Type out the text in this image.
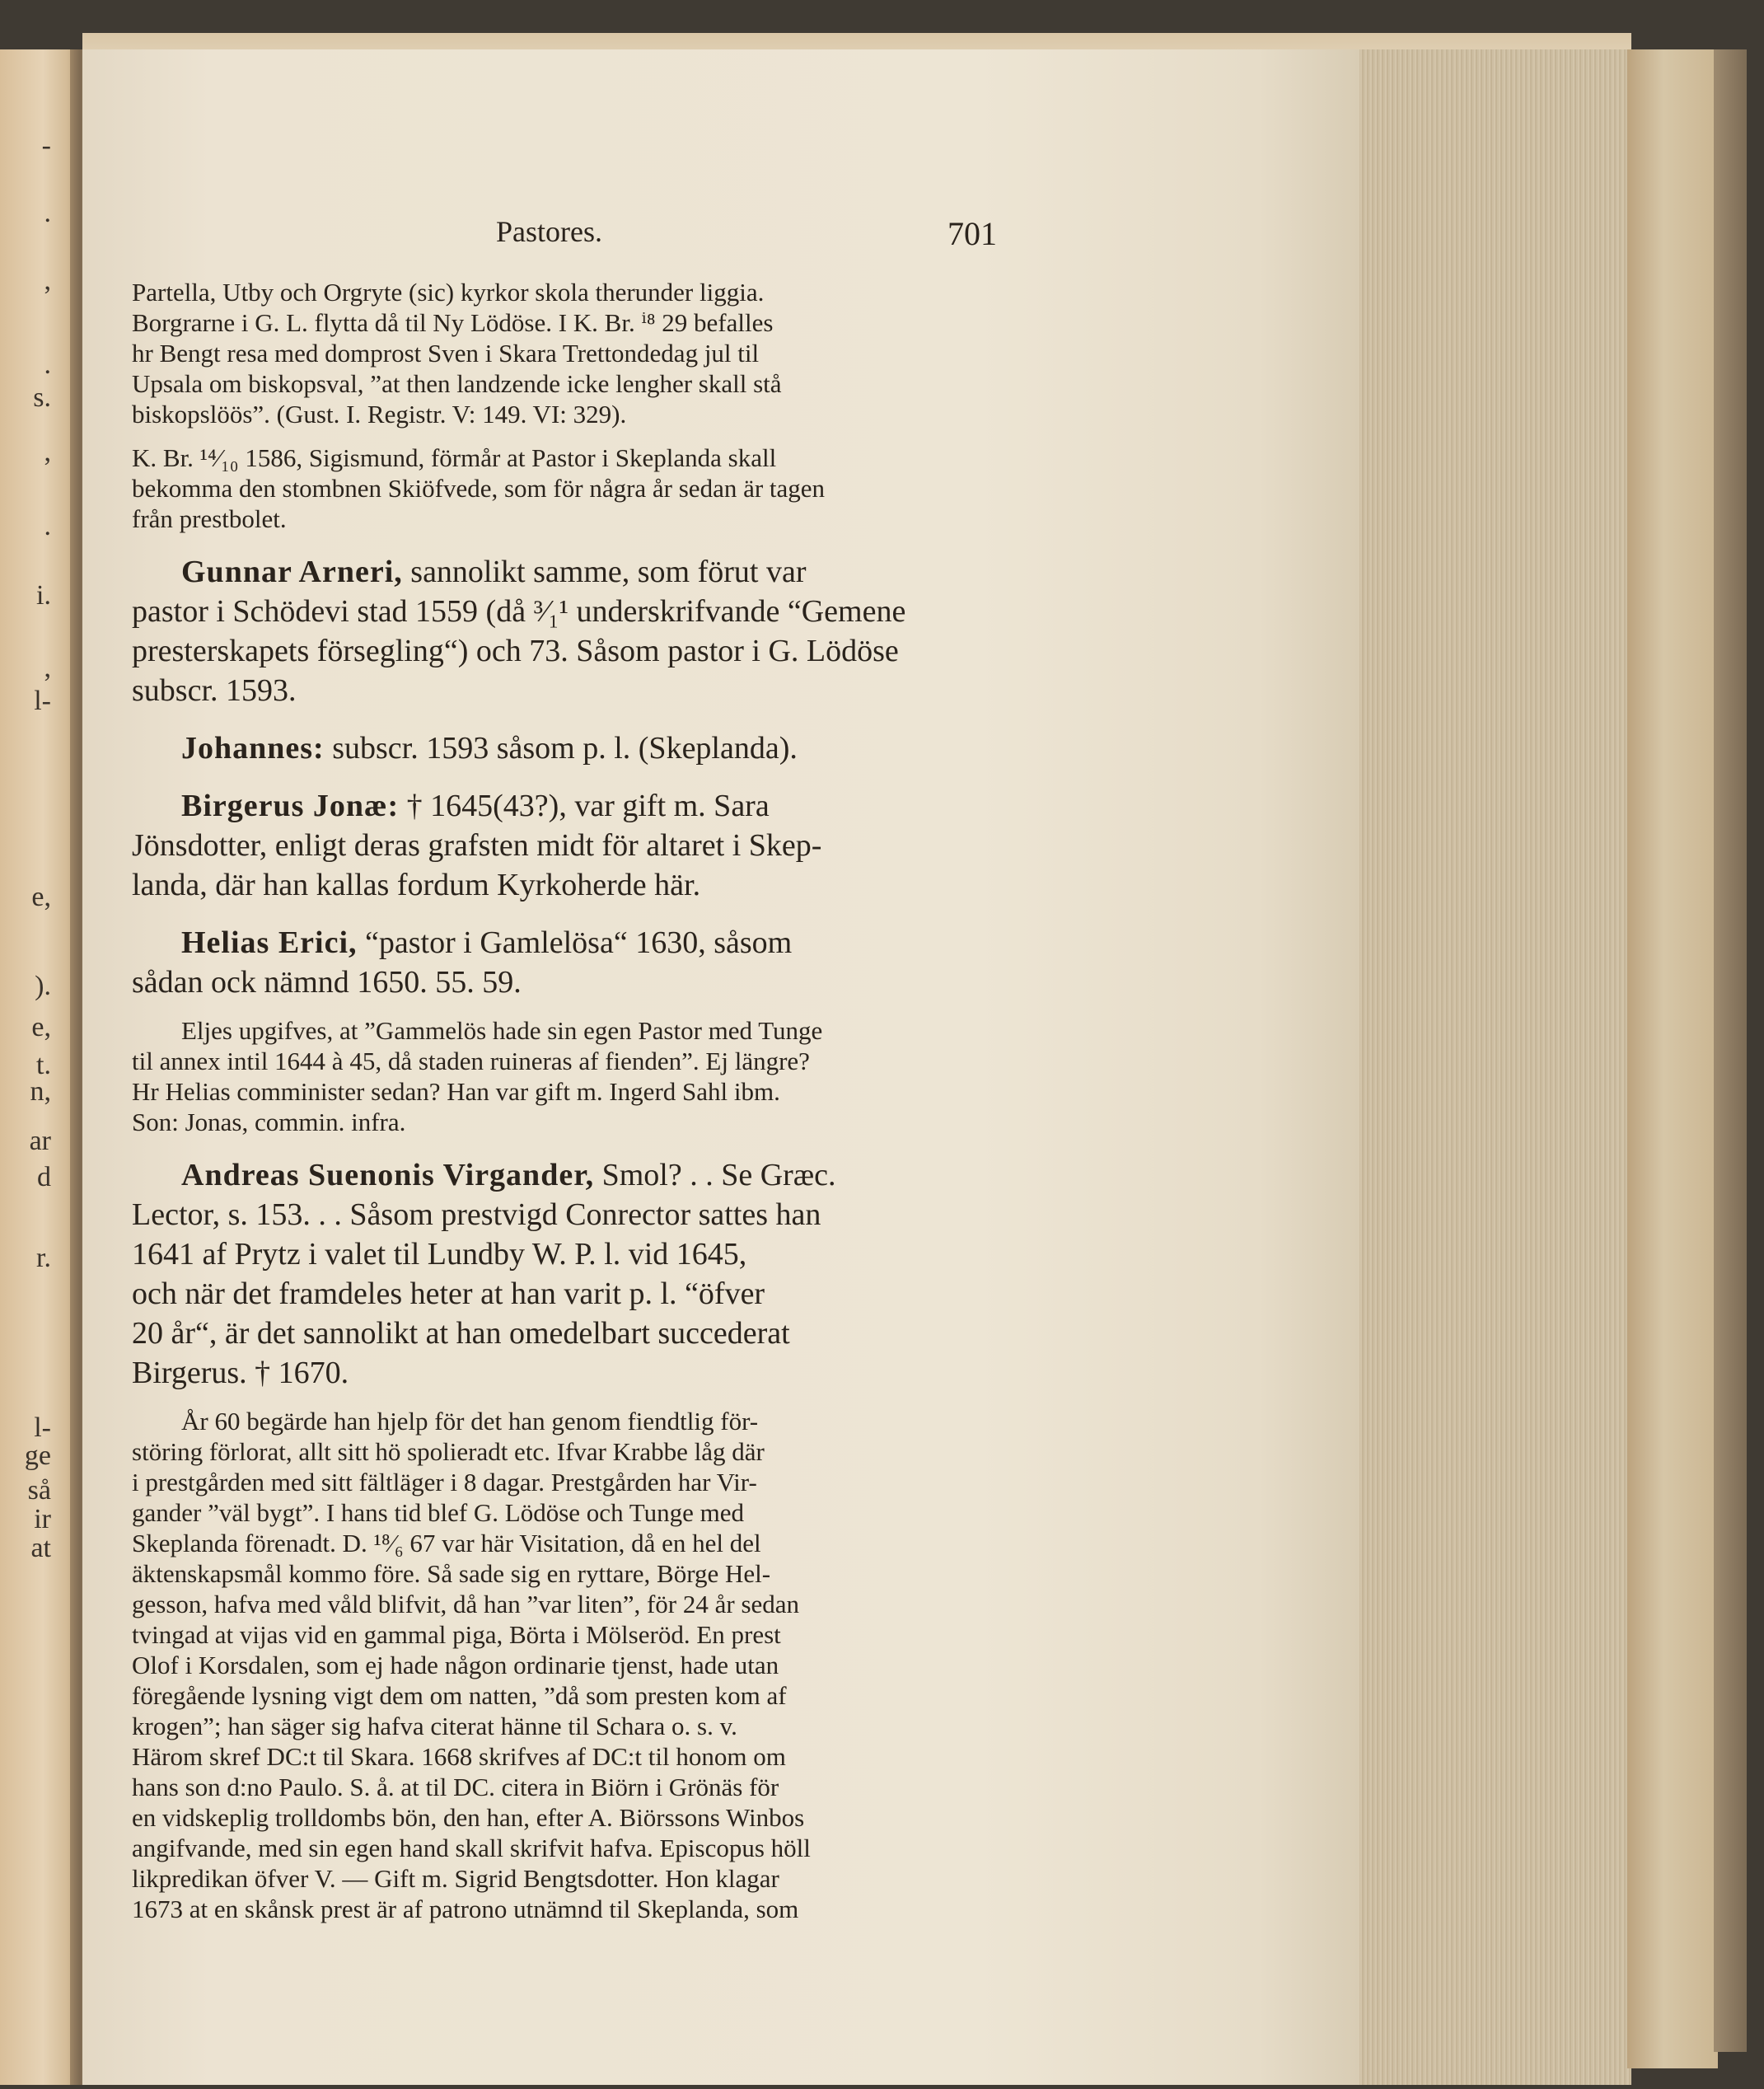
-
.
,
.
s.
,
.
i.
,
l-
e,
).
e,
t.
n,
ar
d
r.
l-
ge
så
ir
at
Pastores.	701
Partella, Utby och Orgryte (sic) kyrkor skola therunder liggia.
Borgrarne i G. L. flytta då til Ny Lödöse. I K. Br. ⁱ⁸ 29 befalles
hr Bengt resa med domprost Sven i Skara Trettondedag jul til
Upsala om biskopsval, ”at then landzende icke lengher skall stå
biskopslöös”. (Gust. I. Registr. V: 149. VI: 329).
K. Br. ¹⁴⁄₁₀ 1586, Sigismund, förmår at Pastor i Skeplanda skall
bekomma den stombnen Skiöfvede, som för några år sedan är tagen
från prestbolet.
Gunnar Arneri, sannolikt samme, som förut var
pastor i Schödevi stad 1559 (då ³⁄₁¹ underskrifvande “Gemene
presterskapets försegling“) och 73. Såsom pastor i G. Lödöse
subscr. 1593.
Johannes: subscr. 1593 såsom p. l. (Skeplanda).
Birgerus Jonæ: † 1645(43?), var gift m. Sara
Jönsdotter, enligt deras grafsten midt för altaret i Skep-
landa, där han kallas fordum Kyrkoherde här.
Helias Erici, “pastor i Gamlelösa“ 1630, såsom
sådan ock nämnd 1650. 55. 59.
Eljes upgifves, at ”Gammelös hade sin egen Pastor med Tunge
til annex intil 1644 à 45, då staden ruineras af fienden”. Ej längre?
Hr Helias comminister sedan? Han var gift m. Ingerd Sahl ibm.
Son: Jonas, commin. infra.
Andreas Suenonis Virgander, Smol? . . Se Græc.
Lector, s. 153. . . Såsom prestvigd Conrector sattes han
1641 af Prytz i valet til Lundby W. P. l. vid 1645,
och när det framdeles heter at han varit p. l. “öfver
20 år“, är det sannolikt at han omedelbart succederat
Birgerus. † 1670.
År 60 begärde han hjelp för det han genom fiendtlig för-
störing förlorat, allt sitt hö spolieradt etc. Ifvar Krabbe låg där
i prestgården med sitt fältläger i 8 dagar. Prestgården har Vir-
gander ”väl bygt”. I hans tid blef G. Lödöse och Tunge med
Skeplanda förenadt. D. ¹⁸⁄₆ 67 var här Visitation, då en hel del
äktenskapsmål kommo före. Så sade sig en ryttare, Börge Hel-
gesson, hafva med våld blifvit, då han ”var liten”, för 24 år sedan
tvingad at vijas vid en gammal piga, Börta i Mölseröd. En prest
Olof i Korsdalen, som ej hade någon ordinarie tjenst, hade utan
föregående lysning vigt dem om natten, ”då som presten kom af
krogen”; han säger sig hafva citerat hänne til Schara o. s. v.
Härom skref DC:t til Skara. 1668 skrifves af DC:t til honom om
hans son d:no Paulo. S. å. at til DC. citera in Biörn i Grönäs för
en vidskeplig trolldombs bön, den han, efter A. Biörssons Winbos
angifvande, med sin egen hand skall skrifvit hafva. Episcopus höll
likpredikan öfver V. — Gift m. Sigrid Bengtsdotter. Hon klagar
1673 at en skånsk prest är af patrono utnämnd til Skeplanda, som
